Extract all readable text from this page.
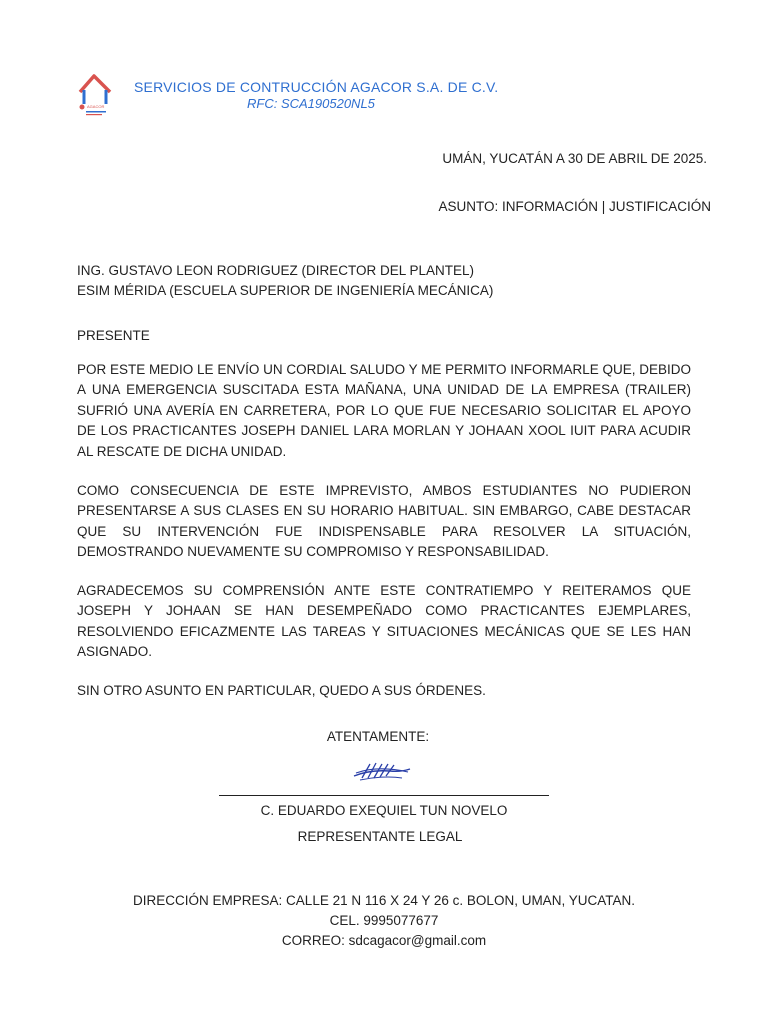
AGACOR
SERVICIOS DE CONTRUCCIÓN AGACOR S.A. DE C.V.
RFC: SCA190520NL5
UMÁN, YUCATÁN A 30 DE ABRIL DE 2025.
ASUNTO: INFORMACIÓN | JUSTIFICACIÓN
ING. GUSTAVO LEON RODRIGUEZ (DIRECTOR DEL PLANTEL)
ESIM MÉRIDA (ESCUELA SUPERIOR DE INGENIERÍA MECÁNICA)
PRESENTE

POR ESTE MEDIO LE ENVÍO UN CORDIAL SALUDO Y ME PERMITO INFORMARLE QUE, DEBIDO A UNA EMERGENCIA SUSCITADA ESTA MAÑANA, UNA UNIDAD DE LA EMPRESA (TRAILER) SUFRIÓ UNA AVERÍA EN CARRETERA, POR LO QUE FUE NECESARIO SOLICITAR EL APOYO DE LOS PRACTICANTES JOSEPH DANIEL LARA MORLAN Y JOHAAN XOOL IUIT PARA ACUDIR AL RESCATE DE DICHA UNIDAD.

COMO CONSECUENCIA DE ESTE IMPREVISTO, AMBOS ESTUDIANTES NO PUDIERON PRESENTARSE A SUS CLASES EN SU HORARIO HABITUAL. SIN EMBARGO, CABE DESTACAR QUE SU INTERVENCIÓN FUE INDISPENSABLE PARA RESOLVER LA SITUACIÓN, DEMOSTRANDO NUEVAMENTE SU COMPROMISO Y RESPONSABILIDAD.

AGRADECEMOS SU COMPRENSIÓN ANTE ESTE CONTRATIEMPO Y REITERAMOS QUE JOSEPH Y JOHAAN SE HAN DESEMPEÑADO COMO PRACTICANTES EJEMPLARES, RESOLVIENDO EFICAZMENTE LAS TAREAS Y SITUACIONES MECÁNICAS QUE SE LES HAN ASIGNADO.

SIN OTRO ASUNTO EN PARTICULAR, QUEDO A SUS ÓRDENES.

ATENTAMENTE:
C. EDUARDO EXEQUIEL TUN NOVELO
REPRESENTANTE LEGAL
DIRECCIÓN EMPRESA: CALLE 21 N 116 X 24 Y 26 c. BOLON, UMAN, YUCATAN.
CEL. 9995077677
CORREO: sdcagacor@gmail.com
